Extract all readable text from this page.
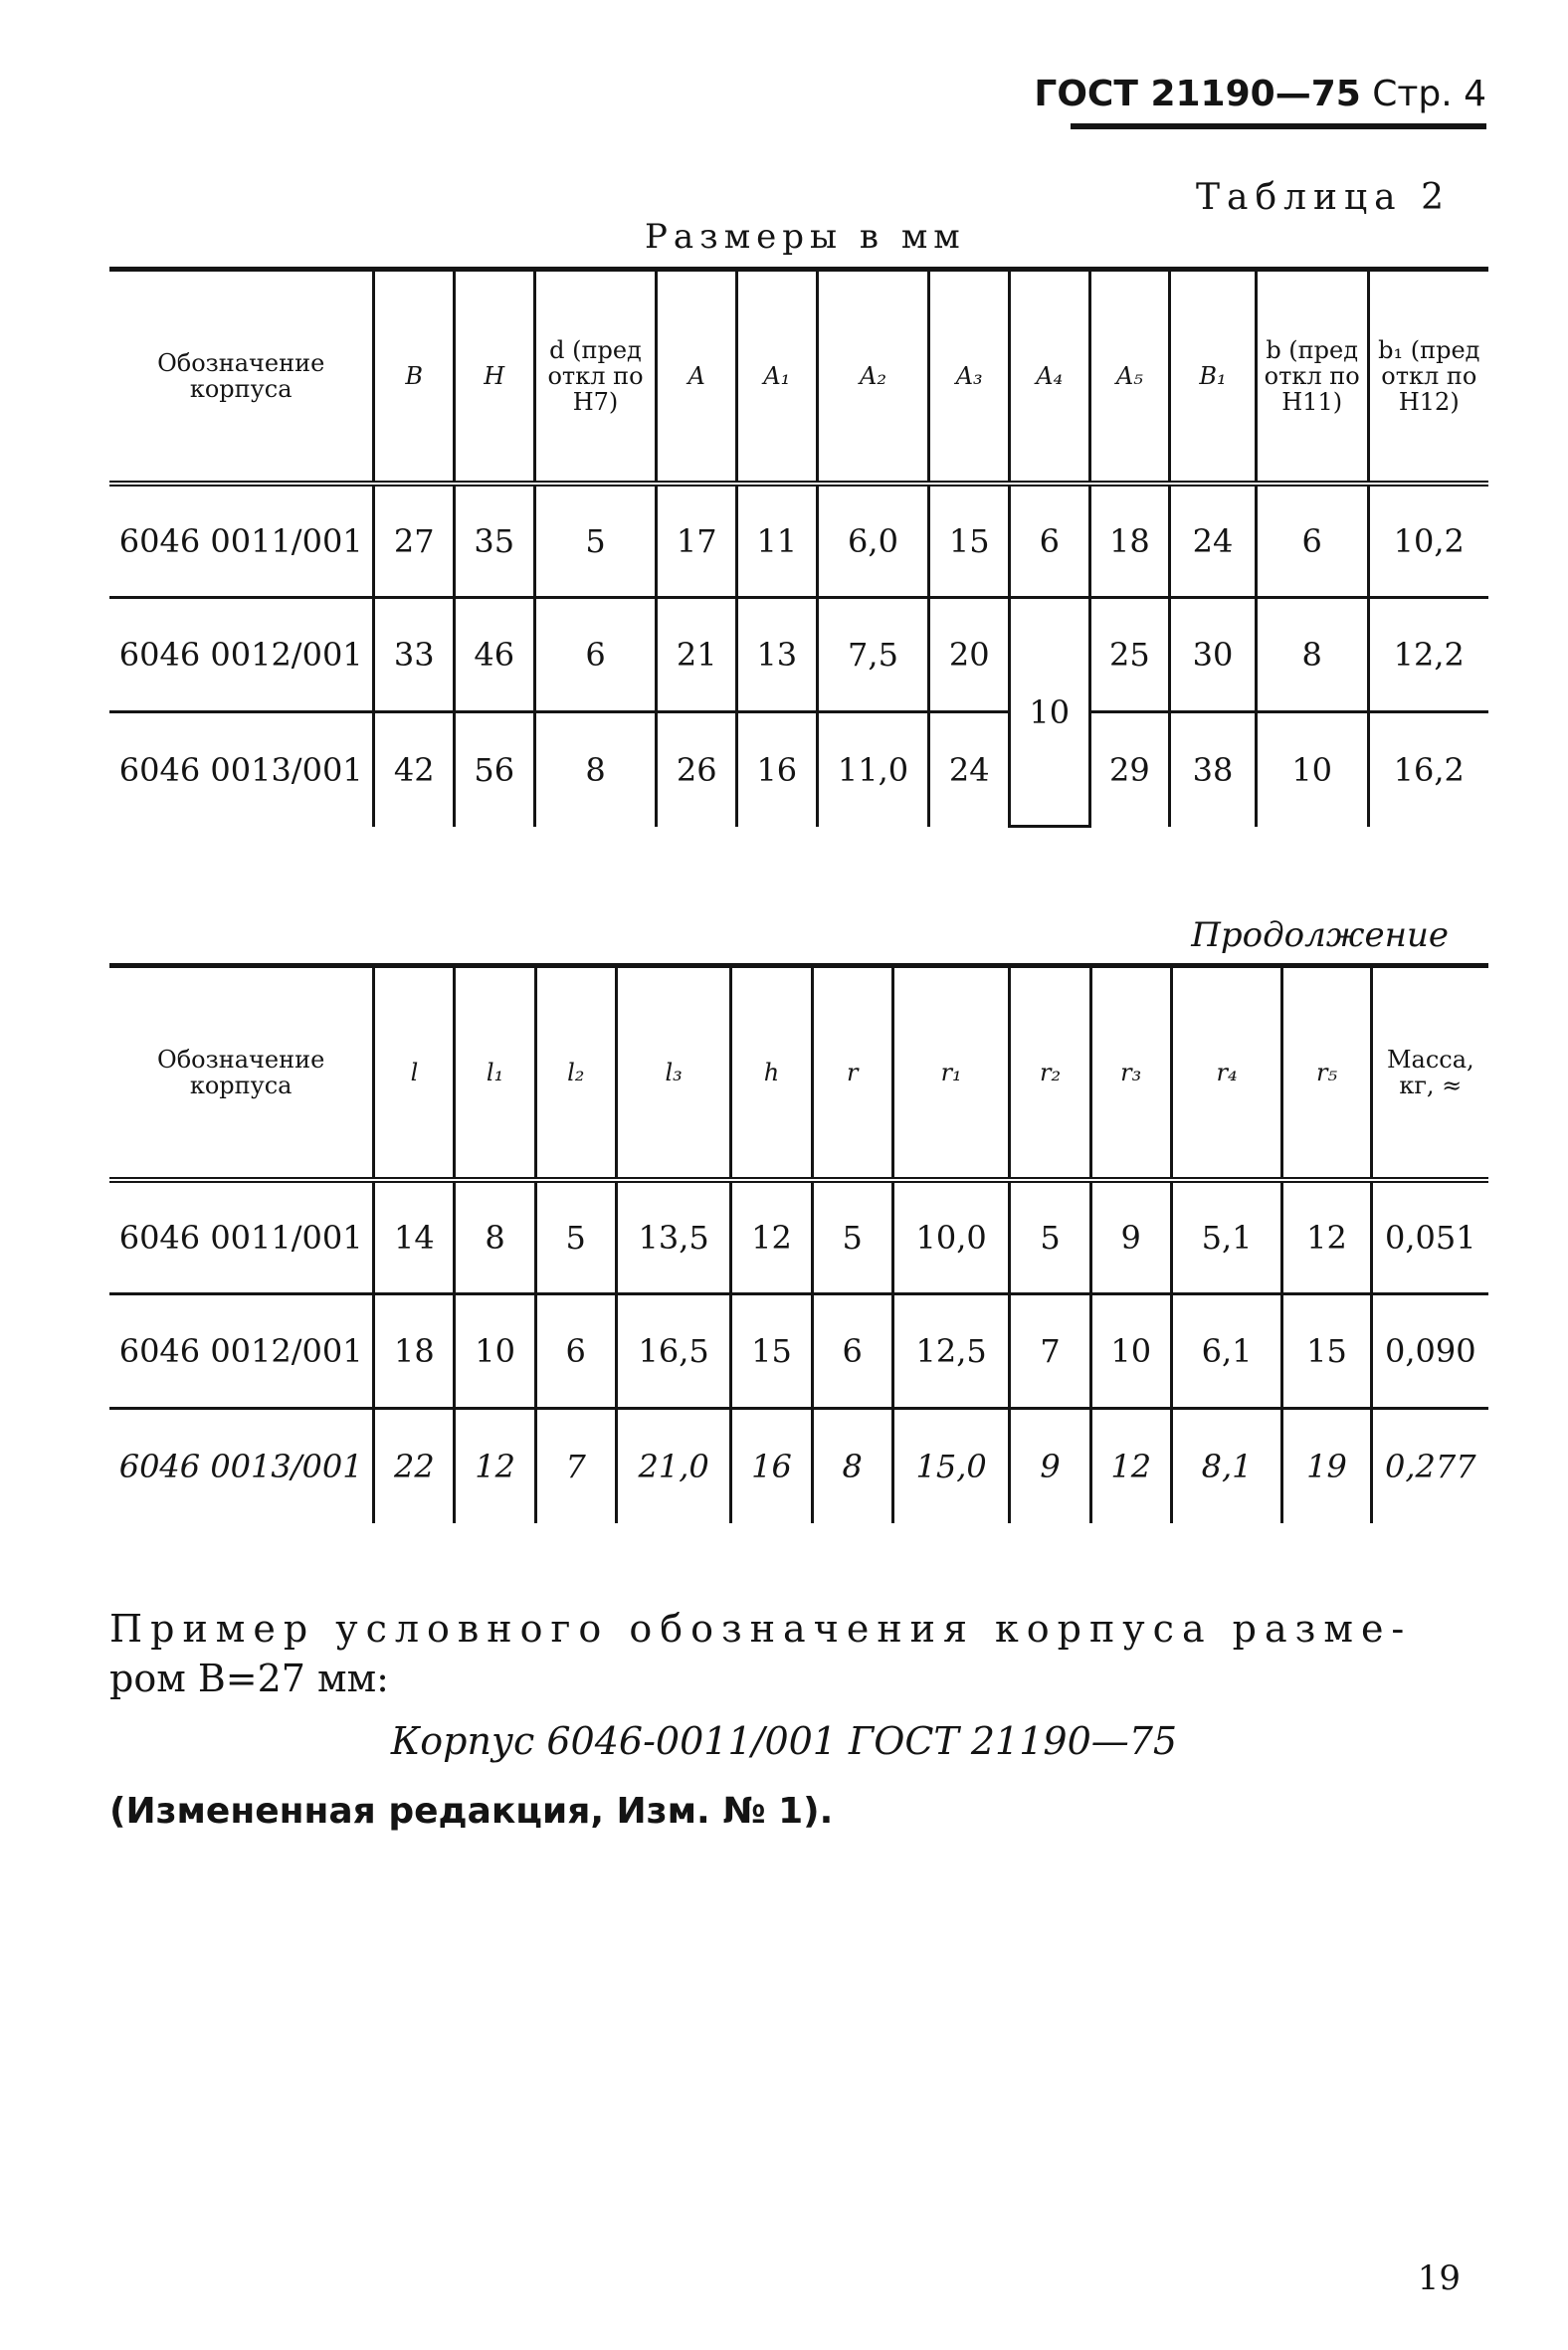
ГОСТ 21190—75 Стр. 4
Таблица 2
Размеры в мм
Обозначение корпуса	B	H	d (пред откл по H7)	A	A₁	A₂	A₃	A₄	A₅	B₁	b (пред откл по H11)	b₁ (пред откл по H12)
6046 0011/001	27	35	5	17	11	6,0	15	6	18	24	6	10,2
6046 0012/001	33	46	6	21	13	7,5	20	10	25	30	8	12,2
6046 0013/001	42	56	8	26	16	11,0	24		29	38	10	16,2
Продолжение
Обозначение корпуса	l	l₁	l₂	l₃	h	r	r₁	r₂	r₃	r₄	r₅	Масса, кг, ≈
6046 0011/001	14	8	5	13,5	12	5	10,0	5	9	5,1	12	0,051
6046 0012/001	18	10	6	16,5	15	6	12,5	7	10	6,1	15	0,090
6046 0013/001	22	12	7	21,0	16	8	15,0	9	12	8,1	19	0,277
Пример условного обозначения корпуса разме-
ром B=27 мм:
Корпус 6046-0011/001 ГОСТ 21190—75
(Измененная редакция, Изм. № 1).
19
